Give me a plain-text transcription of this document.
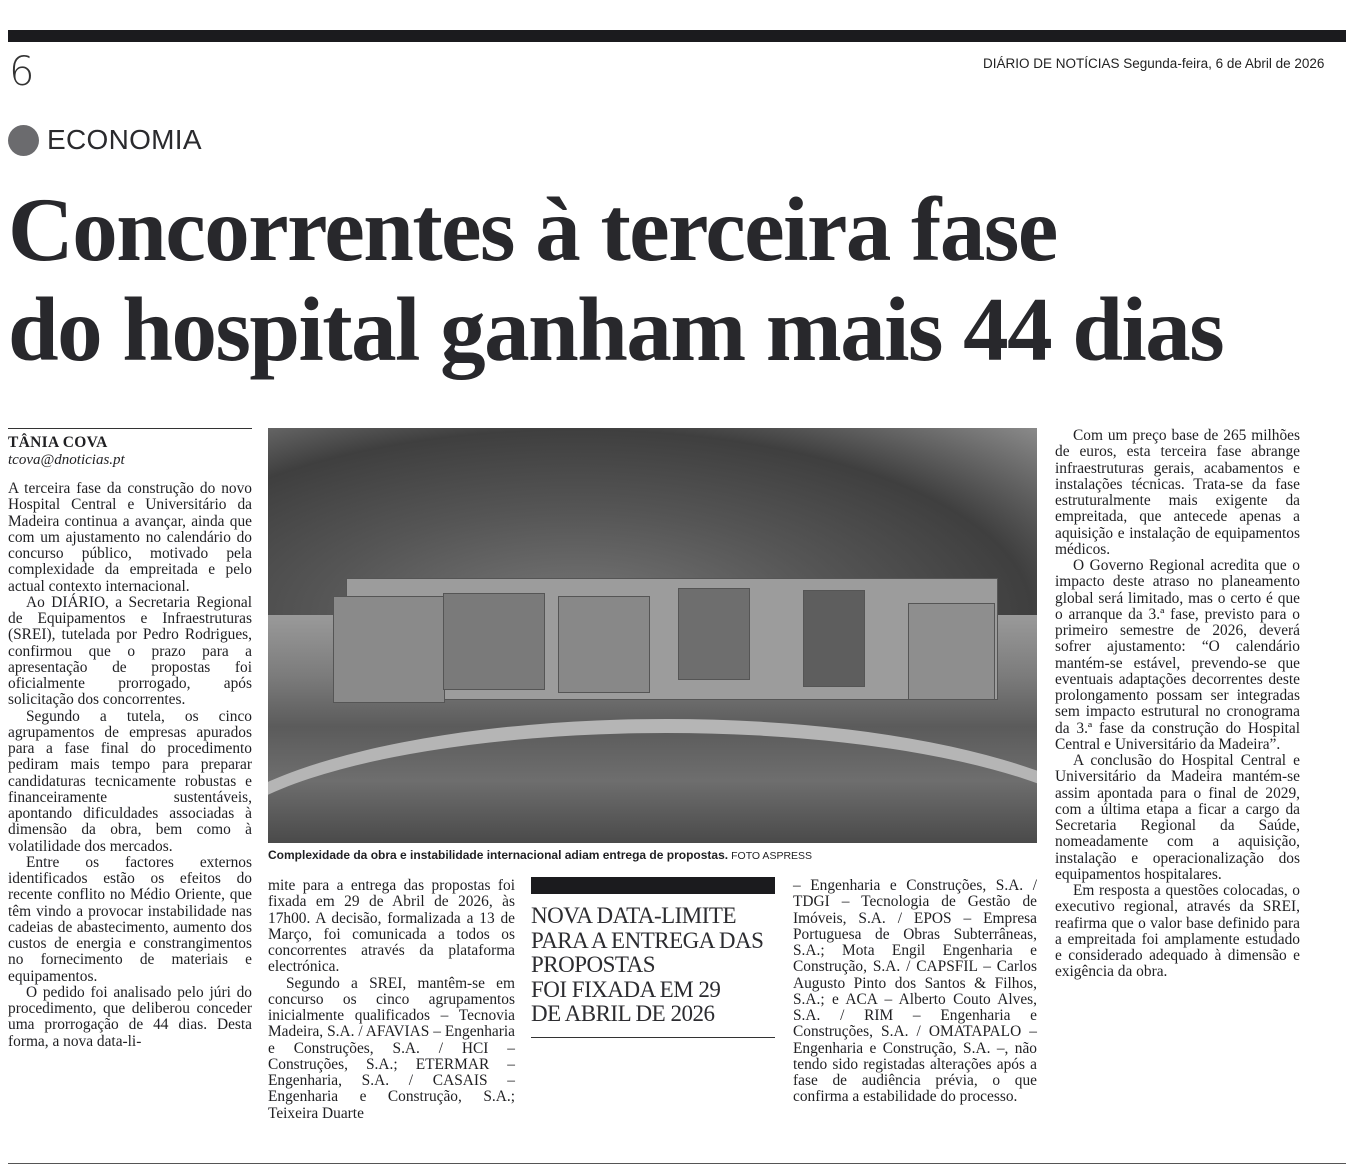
6	DIÁRIO DE NOTÍCIAS Segunda-feira, 6 de Abril de 2026
ECONOMIA
Concorrentes à terceira fase
do hospital ganham mais 44 dias
TÂNIA COVA
tcova@dnoticias.pt

A terceira fase da construção do novo Hospital Central e Universitário da Madeira continua a avançar, ainda que com um ajustamento no calendário do concurso público, motivado pela complexidade da empreitada e pelo actual contexto internacional.

Ao DIÁRIO, a Secretaria Regional de Equipamentos e Infraestruturas (SREI), tutelada por Pedro Rodrigues, confirmou que o prazo para a apresentação de propostas foi oficialmente prorrogado, após solicitação dos concorrentes.

Segundo a tutela, os cinco agrupamentos de empresas apurados para a fase final do procedimento pediram mais tempo para preparar candidaturas tecnicamente robustas e financeiramente sustentáveis, apontando dificuldades associadas à dimensão da obra, bem como à volatilidade dos mercados.

Entre os factores externos identificados estão os efeitos do recente conflito no Médio Oriente, que têm vindo a provocar instabilidade nas cadeias de abastecimento, aumento dos custos de energia e constrangimentos no fornecimento de materiais e equipamentos.

O pedido foi analisado pelo júri do procedimento, que deliberou conceder uma prorrogação de 44 dias. Desta forma, a nova data-li-

Complexidade da obra e instabilidade internacional adiam entrega de propostas. FOTO ASPRESS

mite para a entrega das propostas foi fixada em 29 de Abril de 2026, às 17h00. A decisão, formalizada a 13 de Março, foi comunicada a todos os concorrentes através da plataforma electrónica.

Segundo a SREI, mantêm-se em concurso os cinco agrupamentos inicialmente qualificados – Tecnovia Madeira, S.A. / AFAVIAS – Engenharia e Construções, S.A. / HCI – Construções, S.A.; ETERMAR – Engenharia, S.A. / CASAIS – Engenharia e Construção, S.A.; Teixeira Duarte

NOVA DATA-LIMITE
PARA A ENTREGA DAS
PROPOSTAS
FOI FIXADA EM 29
DE ABRIL DE 2026

– Engenharia e Construções, S.A. / TDGI – Tecnologia de Gestão de Imóveis, S.A. / EPOS – Empresa Portuguesa de Obras Subterrâneas, S.A.; Mota Engil Engenharia e Construção, S.A. / CAPSFIL – Carlos Augusto Pinto dos Santos & Filhos, S.A.; e ACA – Alberto Couto Alves, S.A. / RIM – Engenharia e Construções, S.A. / OMATAPALO – Engenharia e Construção, S.A. –, não tendo sido registadas alterações após a fase de audiência prévia, o que confirma a estabilidade do processo.

Com um preço base de 265 milhões de euros, esta terceira fase abrange infraestruturas gerais, acabamentos e instalações técnicas. Trata-se da fase estruturalmente mais exigente da empreitada, que antecede apenas a aquisição e instalação de equipamentos médicos.

O Governo Regional acredita que o impacto deste atraso no planeamento global será limitado, mas o certo é que o arranque da 3.ª fase, previsto para o primeiro semestre de 2026, deverá sofrer ajustamento: “O calendário mantém-se estável, prevendo-se que eventuais adaptações decorrentes deste prolongamento possam ser integradas sem impacto estrutural no cronograma da 3.ª fase da construção do Hospital Central e Universitário da Madeira”.

A conclusão do Hospital Central e Universitário da Madeira mantém-se assim apontada para o final de 2029, com a última etapa a ficar a cargo da Secretaria Regional da Saúde, nomeadamente com a aquisição, instalação e operacionalização dos equipamentos hospitalares.

Em resposta a questões colocadas, o executivo regional, através da SREI, reafirma que o valor base definido para a empreitada foi amplamente estudado e considerado adequado à dimensão e exigência da obra.
